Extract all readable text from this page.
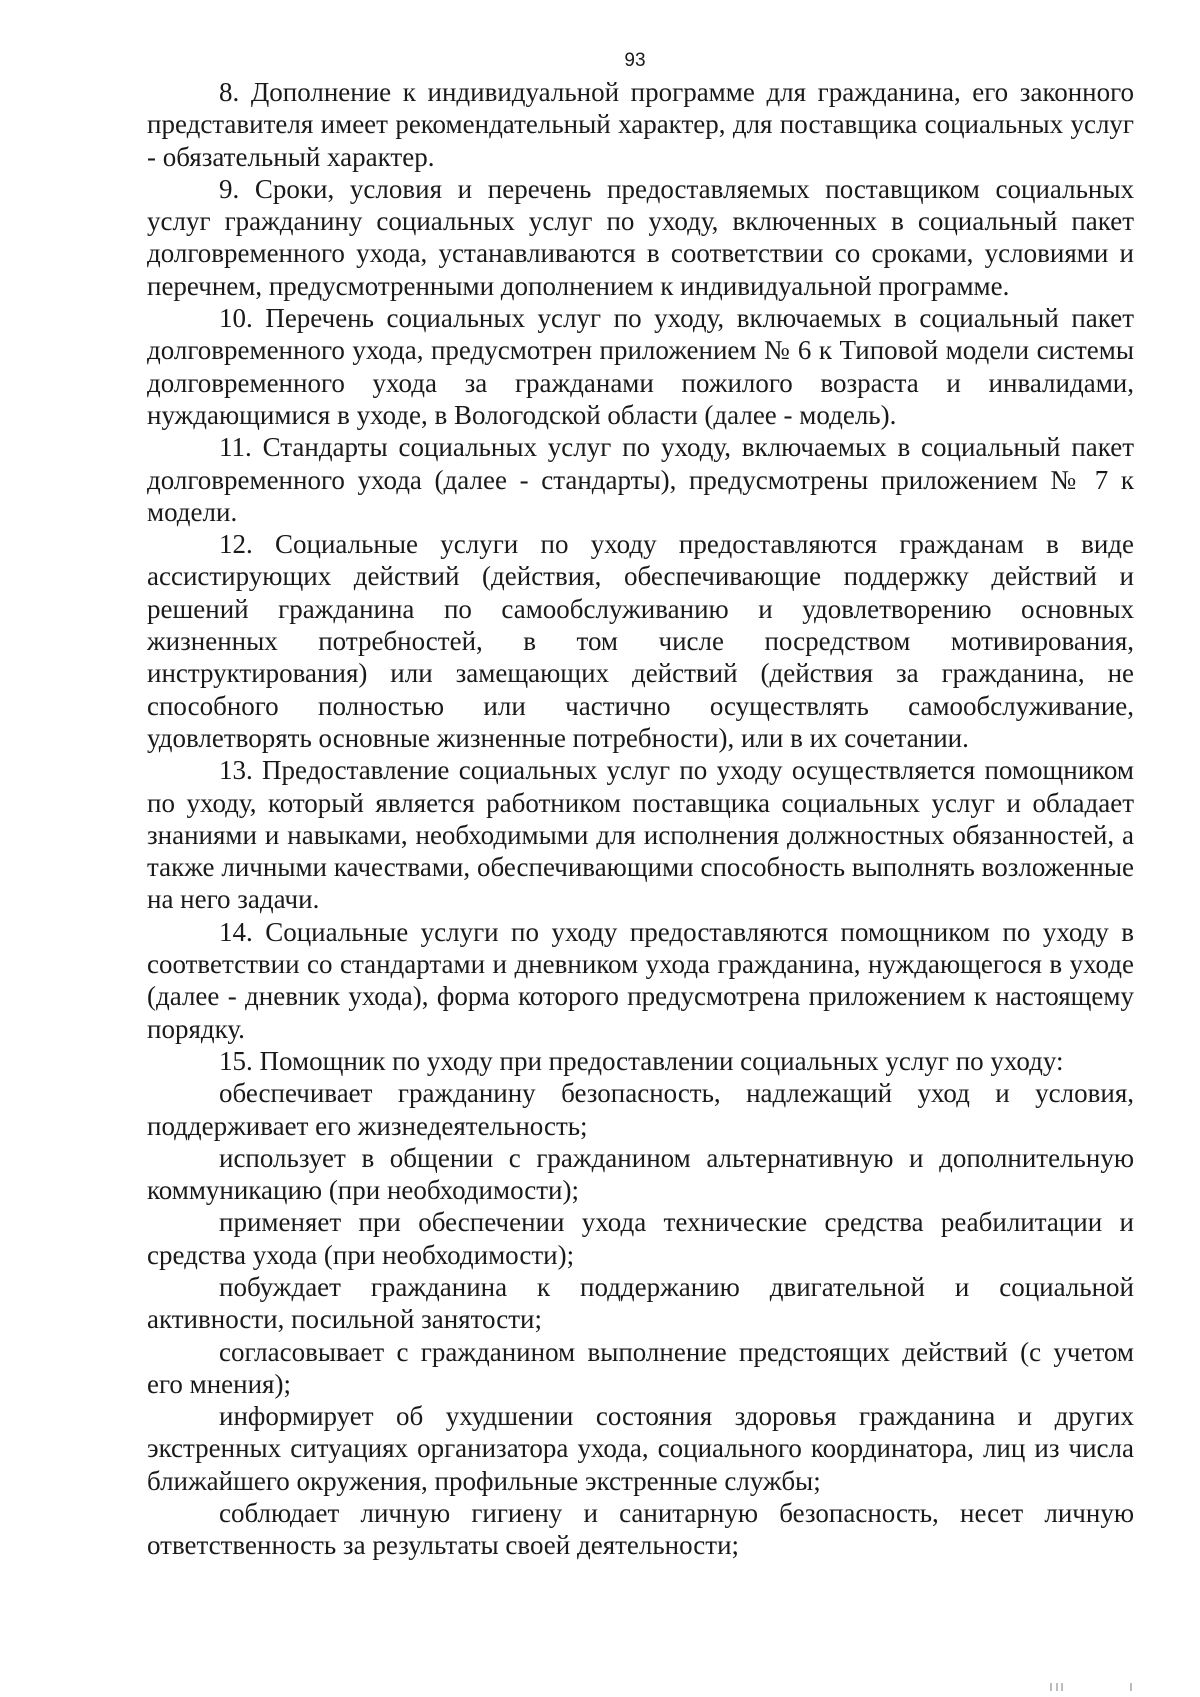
93

8. Дополнение к индивидуальной программе для гражданина, его законного представителя имеет рекомендательный характер, для поставщика социальных услуг - обязательный характер.

9. Сроки, условия и перечень предоставляемых поставщиком социальных услуг гражданину социальных услуг по уходу, включенных в социальный пакет долговременного ухода, устанавливаются в соответствии со сроками, условиями и перечнем, предусмотренными дополнением к индивидуальной программе.

10. Перечень социальных услуг по уходу, включаемых в социальный пакет долговременного ухода, предусмотрен приложением № 6 к Типовой модели системы долговременного ухода за гражданами пожилого возраста и инвалидами, нуждающимися в уходе, в Вологодской области (далее - модель).

11. Стандарты социальных услуг по уходу, включаемых в социальный пакет долговременного ухода (далее - стандарты), предусмотрены приложением № 7 к модели.

12. Социальные услуги по уходу предоставляются гражданам в виде ассистирующих действий (действия, обеспечивающие поддержку действий и решений гражданина по самообслуживанию и удовлетворению основных жизненных потребностей, в том числе посредством мотивирования, инструктирования) или замещающих действий (действия за гражданина, не способного полностью или частично осуществлять самообслуживание, удовлетворять основные жизненные потребности), или в их сочетании.

13. Предоставление социальных услуг по уходу осуществляется помощником по уходу, который является работником поставщика социальных услуг и обладает знаниями и навыками, необходимыми для исполнения должностных обязанностей, а также личными качествами, обеспечивающими способность выполнять возложенные на него задачи.

14. Социальные услуги по уходу предоставляются помощником по уходу в соответствии со стандартами и дневником ухода гражданина, нуждающегося в уходе (далее - дневник ухода), форма которого предусмотрена приложением к настоящему порядку.

15. Помощник по уходу при предоставлении социальных услуг по уходу:

обеспечивает гражданину безопасность, надлежащий уход и условия, поддерживает его жизнедеятельность;

использует в общении с гражданином альтернативную и дополнительную коммуникацию (при необходимости);

применяет при обеспечении ухода технические средства реабилитации и средства ухода (при необходимости);

побуждает гражданина к поддержанию двигательной и социальной активности, посильной занятости;

согласовывает с гражданином выполнение предстоящих действий (с учетом его мнения);

информирует об ухудшении состояния здоровья гражданина и других экстренных ситуациях организатора ухода, социального координатора, лиц из числа ближайшего окружения, профильные экстренные службы;

соблюдает личную гигиену и санитарную безопасность, несет личную ответственность за результаты своей деятельности;
